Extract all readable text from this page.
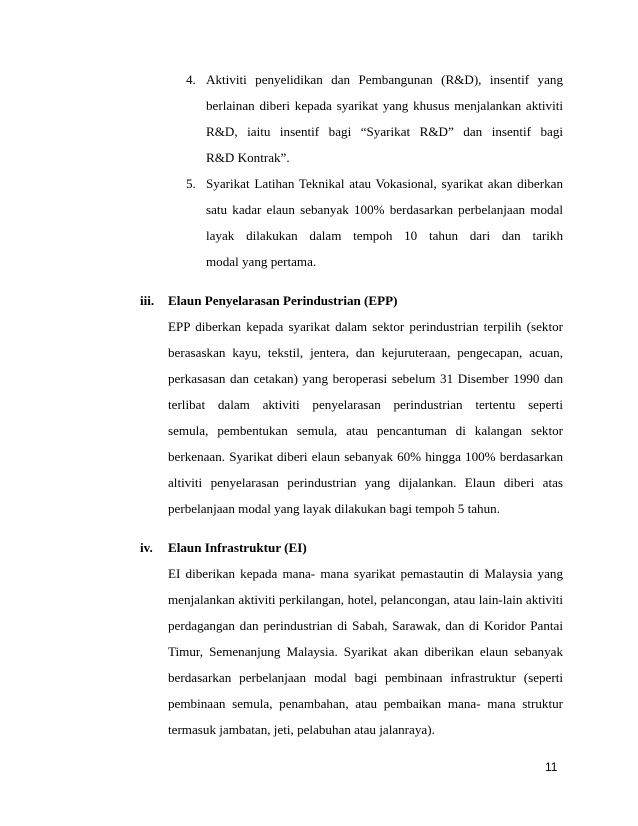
4. Aktiviti penyelidikan dan Pembangunan (R&D), insentif yang

berlainan diberi kepada syarikat yang khusus menjalankan aktiviti

R&D, iaitu insentif bagi “Syarikat R&D” dan insentif bagi

R&D Kontrak”.

5. Syarikat Latihan Teknikal atau Vokasional, syarikat akan diberkan

satu kadar elaun sebanyak 100% berdasarkan perbelanjaan modal

layak dilakukan dalam tempoh 10 tahun dari dan tarikh

modal yang pertama.

iii. Elaun Penyelarasan Perindustrian (EPP)

EPP diberkan kepada syarikat dalam sektor perindustrian terpilih (sektor

berasaskan kayu, tekstil, jentera, dan kejuruteraan, pengecapan, acuan,

perkasasan dan cetakan) yang beroperasi sebelum 31 Disember 1990 dan

terlibat dalam aktiviti penyelarasan perindustrian tertentu seperti

semula, pembentukan semula, atau pencantuman di kalangan sektor

berkenaan. Syarikat diberi elaun sebanyak 60% hingga 100% berdasarkan

altiviti penyelarasan perindustrian yang dijalankan. Elaun diberi atas

perbelanjaan modal yang layak dilakukan bagi tempoh 5 tahun.

iv. Elaun Infrastruktur (EI)

EI diberikan kepada mana- mana syarikat pemastautin di Malaysia yang

menjalankan aktiviti perkilangan, hotel, pelancongan, atau lain-lain aktiviti

perdagangan dan perindustrian di Sabah, Sarawak, dan di Koridor Pantai

Timur, Semenanjung Malaysia. Syarikat akan diberikan elaun sebanyak

berdasarkan perbelanjaan modal bagi pembinaan infrastruktur (seperti

pembinaan semula, penambahan, atau pembaikan mana- mana struktur

termasuk jambatan, jeti, pelabuhan atau jalanraya).

11
